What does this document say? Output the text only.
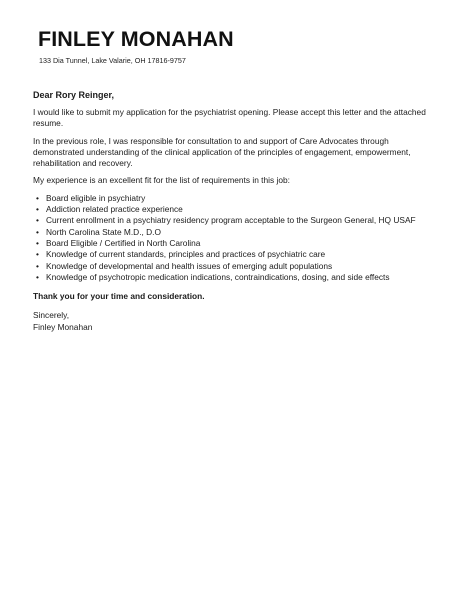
FINLEY MONAHAN
133 Dia Tunnel, Lake Valarie, OH 17816-9757
Dear Rory Reinger,

I would like to submit my application for the psychiatrist opening. Please accept this letter and the attached resume.

In the previous role, I was responsible for consultation to and support of Care Advocates through demonstrated understanding of the clinical application of the principles of engagement, empowerment, rehabilitation and recovery.

My experience is an excellent fit for the list of requirements in this job:

• Board eligible in psychiatry
• Addiction related practice experience
• Current enrollment in a psychiatry residency program acceptable to the Surgeon General, HQ USAF
• North Carolina State M.D., D.O
• Board Eligible / Certified in North Carolina
• Knowledge of current standards, principles and practices of psychiatric care
• Knowledge of developmental and health issues of emerging adult populations
• Knowledge of psychotropic medication indications, contraindications, dosing, and side effects

Thank you for your time and consideration.

Sincerely,

Finley Monahan
